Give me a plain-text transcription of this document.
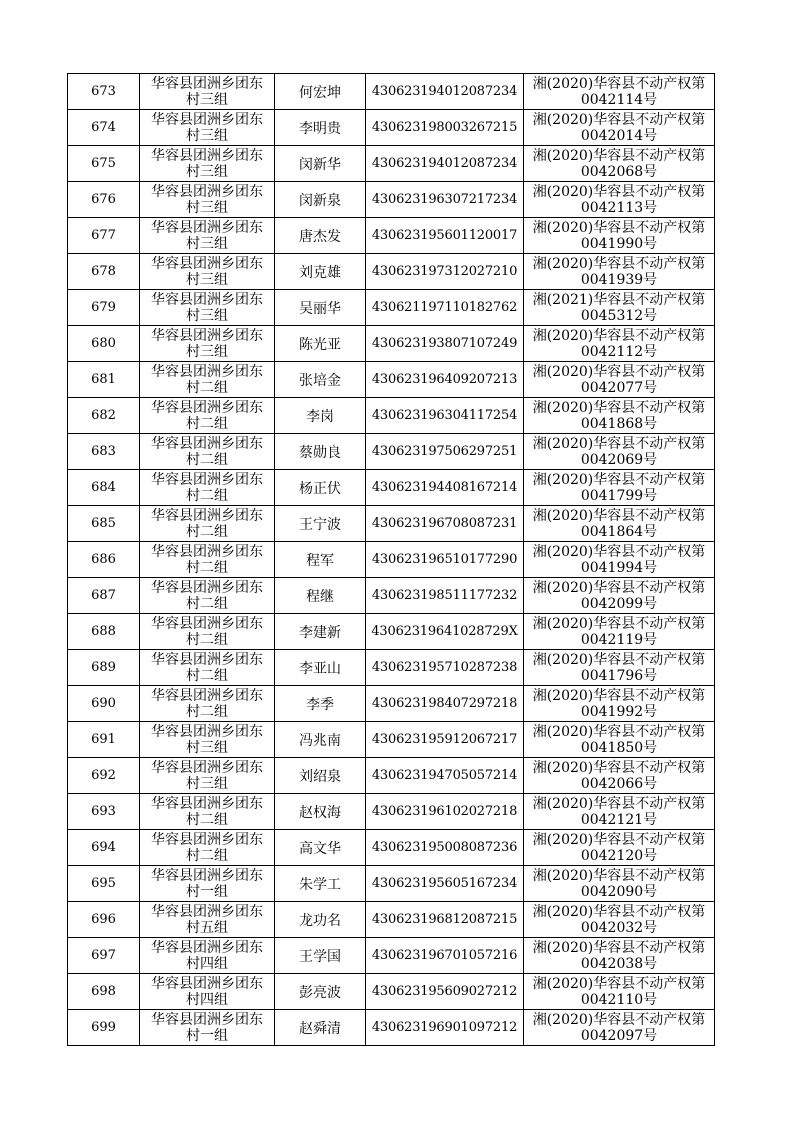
673	华容县团洲乡团东
村三组	何宏坤	430623194012087234	湘(2020)华容县不动产权第
0042114号

674	华容县团洲乡团东
村三组	李明贵	430623198003267215	湘(2020)华容县不动产权第
0042014号

675	华容县团洲乡团东
村三组	闵新华	430623194012087234	湘(2020)华容县不动产权第
0042068号

676	华容县团洲乡团东
村三组	闵新泉	430623196307217234	湘(2020)华容县不动产权第
0042113号

677	华容县团洲乡团东
村三组	唐杰发	430623195601120017	湘(2020)华容县不动产权第
0041990号

678	华容县团洲乡团东
村三组	刘克雄	430623197312027210	湘(2020)华容县不动产权第
0041939号

679	华容县团洲乡团东
村三组	吴丽华	430621197110182762	湘(2021)华容县不动产权第
0045312号

680	华容县团洲乡团东
村三组	陈光亚	430623193807107249	湘(2020)华容县不动产权第
0042112号

681	华容县团洲乡团东
村二组	张培金	430623196409207213	湘(2020)华容县不动产权第
0042077号

682	华容县团洲乡团东
村二组	李岗	430623196304117254	湘(2020)华容县不动产权第
0041868号

683	华容县团洲乡团东
村二组	蔡勋良	430623197506297251	湘(2020)华容县不动产权第
0042069号

684	华容县团洲乡团东
村二组	杨正伏	430623194408167214	湘(2020)华容县不动产权第
0041799号

685	华容县团洲乡团东
村二组	王宁波	430623196708087231	湘(2020)华容县不动产权第
0041864号

686	华容县团洲乡团东
村二组	程军	430623196510177290	湘(2020)华容县不动产权第
0041994号

687	华容县团洲乡团东
村二组	程继	430623198511177232	湘(2020)华容县不动产权第
0042099号

688	华容县团洲乡团东
村二组	李建新	43062319641028729X	湘(2020)华容县不动产权第
0042119号

689	华容县团洲乡团东
村二组	李亚山	430623195710287238	湘(2020)华容县不动产权第
0041796号

690	华容县团洲乡团东
村二组	李季	430623198407297218	湘(2020)华容县不动产权第
0041992号

691	华容县团洲乡团东
村三组	冯兆南	430623195912067217	湘(2020)华容县不动产权第
0041850号

692	华容县团洲乡团东
村三组	刘绍泉	430623194705057214	湘(2020)华容县不动产权第
0042066号

693	华容县团洲乡团东
村二组	赵权海	430623196102027218	湘(2020)华容县不动产权第
0042121号

694	华容县团洲乡团东
村二组	高文华	430623195008087236	湘(2020)华容县不动产权第
0042120号

695	华容县团洲乡团东
村一组	朱学工	430623195605167234	湘(2020)华容县不动产权第
0042090号

696	华容县团洲乡团东
村五组	龙功名	430623196812087215	湘(2020)华容县不动产权第
0042032号

697	华容县团洲乡团东
村四组	王学国	430623196701057216	湘(2020)华容县不动产权第
0042038号

698	华容县团洲乡团东
村四组	彭亮波	430623195609027212	湘(2020)华容县不动产权第
0042110号

699	华容县团洲乡团东
村一组	赵舜清	430623196901097212	湘(2020)华容县不动产权第
0042097号
